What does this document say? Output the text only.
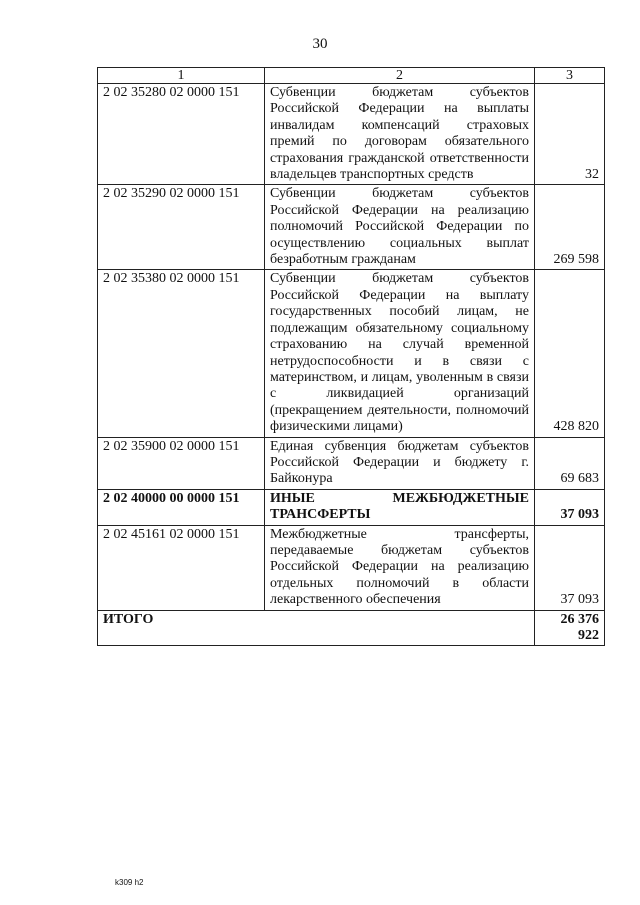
30
1	2	3
2 02 35280 02 0000 151	Субвенции бюджетам субъектов Российской Федерации на выплаты инвалидам компенсаций страховых премий по договорам обязательного страхования гражданской ответственности владельцев транспортных средств	32
2 02 35290 02 0000 151	Субвенции бюджетам субъектов Российской Федерации на реализацию полномочий Российской Федерации по осуществлению социальных выплат безработным гражданам	269 598
2 02 35380 02 0000 151	Субвенции бюджетам субъектов Российской Федерации на выплату государственных пособий лицам, не подлежащим обязательному социальному страхованию на случай временной нетрудоспособности и в связи с материнством, и лицам, уволенным в связи с ликвидацией организаций (прекращением деятельности, полномочий физическими лицами)	428 820
2 02 35900 02 0000 151	Единая субвенция бюджетам субъектов Российской Федерации и бюджету г. Байконура	69 683
2 02 40000 00 0000 151	ИНЫЕ МЕЖБЮДЖЕТНЫЕ ТРАНСФЕРТЫ	37 093
2 02 45161 02 0000 151	Межбюджетные трансферты, передаваемые бюджетам субъектов Российской Федерации на реализацию отдельных полномочий в области лекарственного обеспечения	37 093
ИТОГО		26 376 922
k309 h2
